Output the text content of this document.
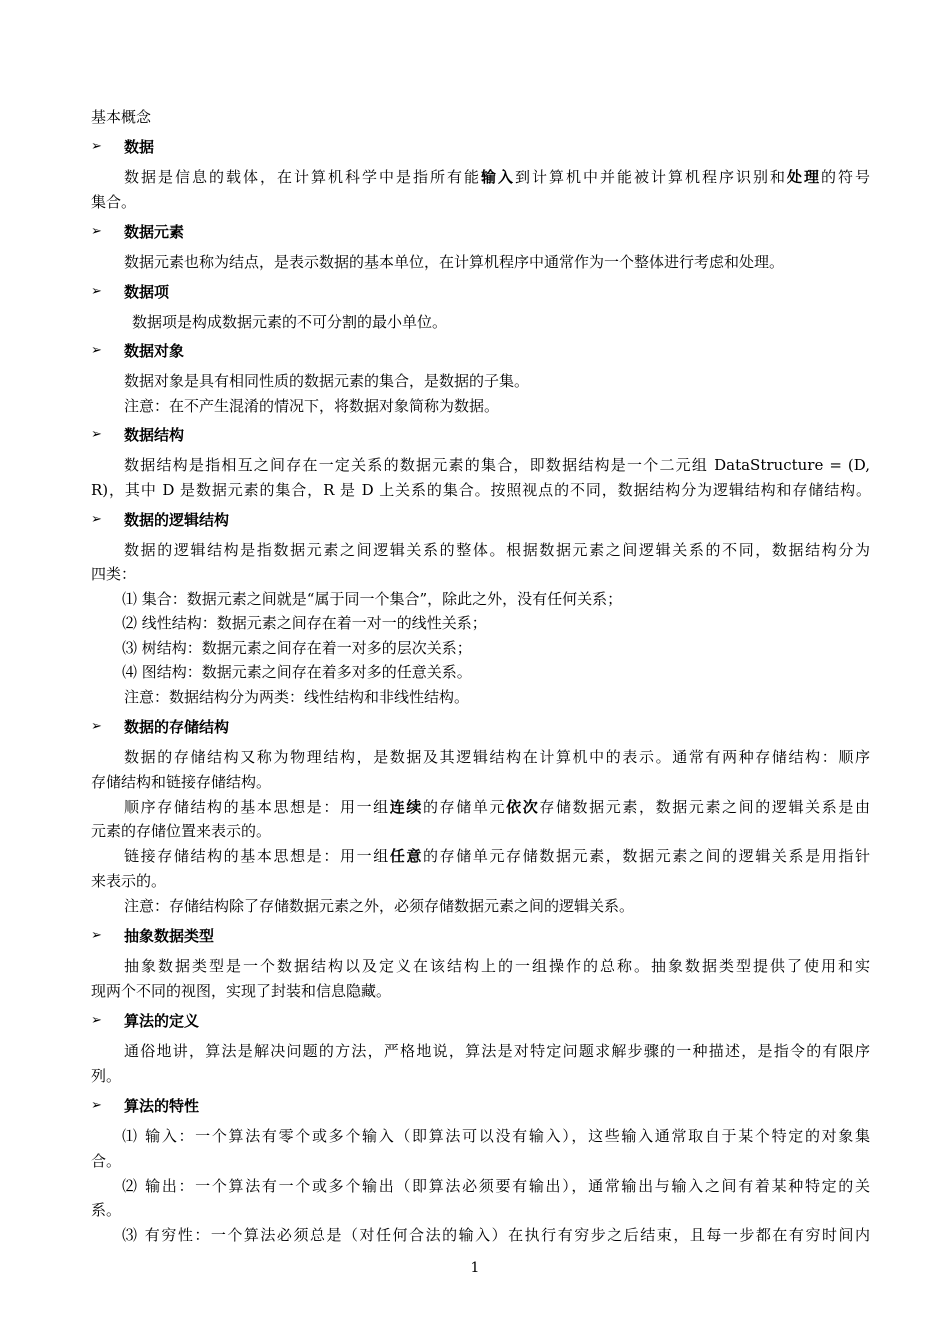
基本概念
➢ 数据
数据是信息的载体，在计算机科学中是指所有能输入到计算机中并能被计算机程序识别和处理的符号
集合。
➢ 数据元素
数据元素也称为结点，是表示数据的基本单位，在计算机程序中通常作为一个整体进行考虑和处理。
➢ 数据项
数据项是构成数据元素的不可分割的最小单位。
➢ 数据对象
数据对象是具有相同性质的数据元素的集合，是数据的子集。
注意：在不产生混淆的情况下，将数据对象简称为数据。
➢ 数据结构
数据结构是指相互之间存在一定关系的数据元素的集合，即数据结构是一个二元组 DataStructure = (D,
R)，其中 D 是数据元素的集合，R 是 D 上关系的集合。按照视点的不同，数据结构分为逻辑结构和存储结构。
➢ 数据的逻辑结构
数据的逻辑结构是指数据元素之间逻辑关系的整体。根据数据元素之间逻辑关系的不同，数据结构分为
四类：
⑴ 集合：数据元素之间就是“属于同一个集合”，除此之外，没有任何关系；
⑵ 线性结构：数据元素之间存在着一对一的线性关系；
⑶ 树结构：数据元素之间存在着一对多的层次关系；
⑷ 图结构：数据元素之间存在着多对多的任意关系。
注意：数据结构分为两类：线性结构和非线性结构。
➢ 数据的存储结构
数据的存储结构又称为物理结构，是数据及其逻辑结构在计算机中的表示。通常有两种存储结构：顺序
存储结构和链接存储结构。
顺序存储结构的基本思想是：用一组连续的存储单元依次存储数据元素，数据元素之间的逻辑关系是由
元素的存储位置来表示的。
链接存储结构的基本思想是：用一组任意的存储单元存储数据元素，数据元素之间的逻辑关系是用指针
来表示的。
注意：存储结构除了存储数据元素之外，必须存储数据元素之间的逻辑关系。
➢ 抽象数据类型
抽象数据类型是一个数据结构以及定义在该结构上的一组操作的总称。抽象数据类型提供了使用和实
现两个不同的视图，实现了封装和信息隐藏。
➢ 算法的定义
通俗地讲，算法是解决问题的方法，严格地说，算法是对特定问题求解步骤的一种描述，是指令的有限序
列。
➢ 算法的特性
⑴ 输入：一个算法有零个或多个输入（即算法可以没有输入），这些输入通常取自于某个特定的对象集
合。
⑵ 输出：一个算法有一个或多个输出（即算法必须要有输出），通常输出与输入之间有着某种特定的关
系。
⑶ 有穷性：一个算法必须总是（对任何合法的输入）在执行有穷步之后结束，且每一步都在有穷时间内
1
